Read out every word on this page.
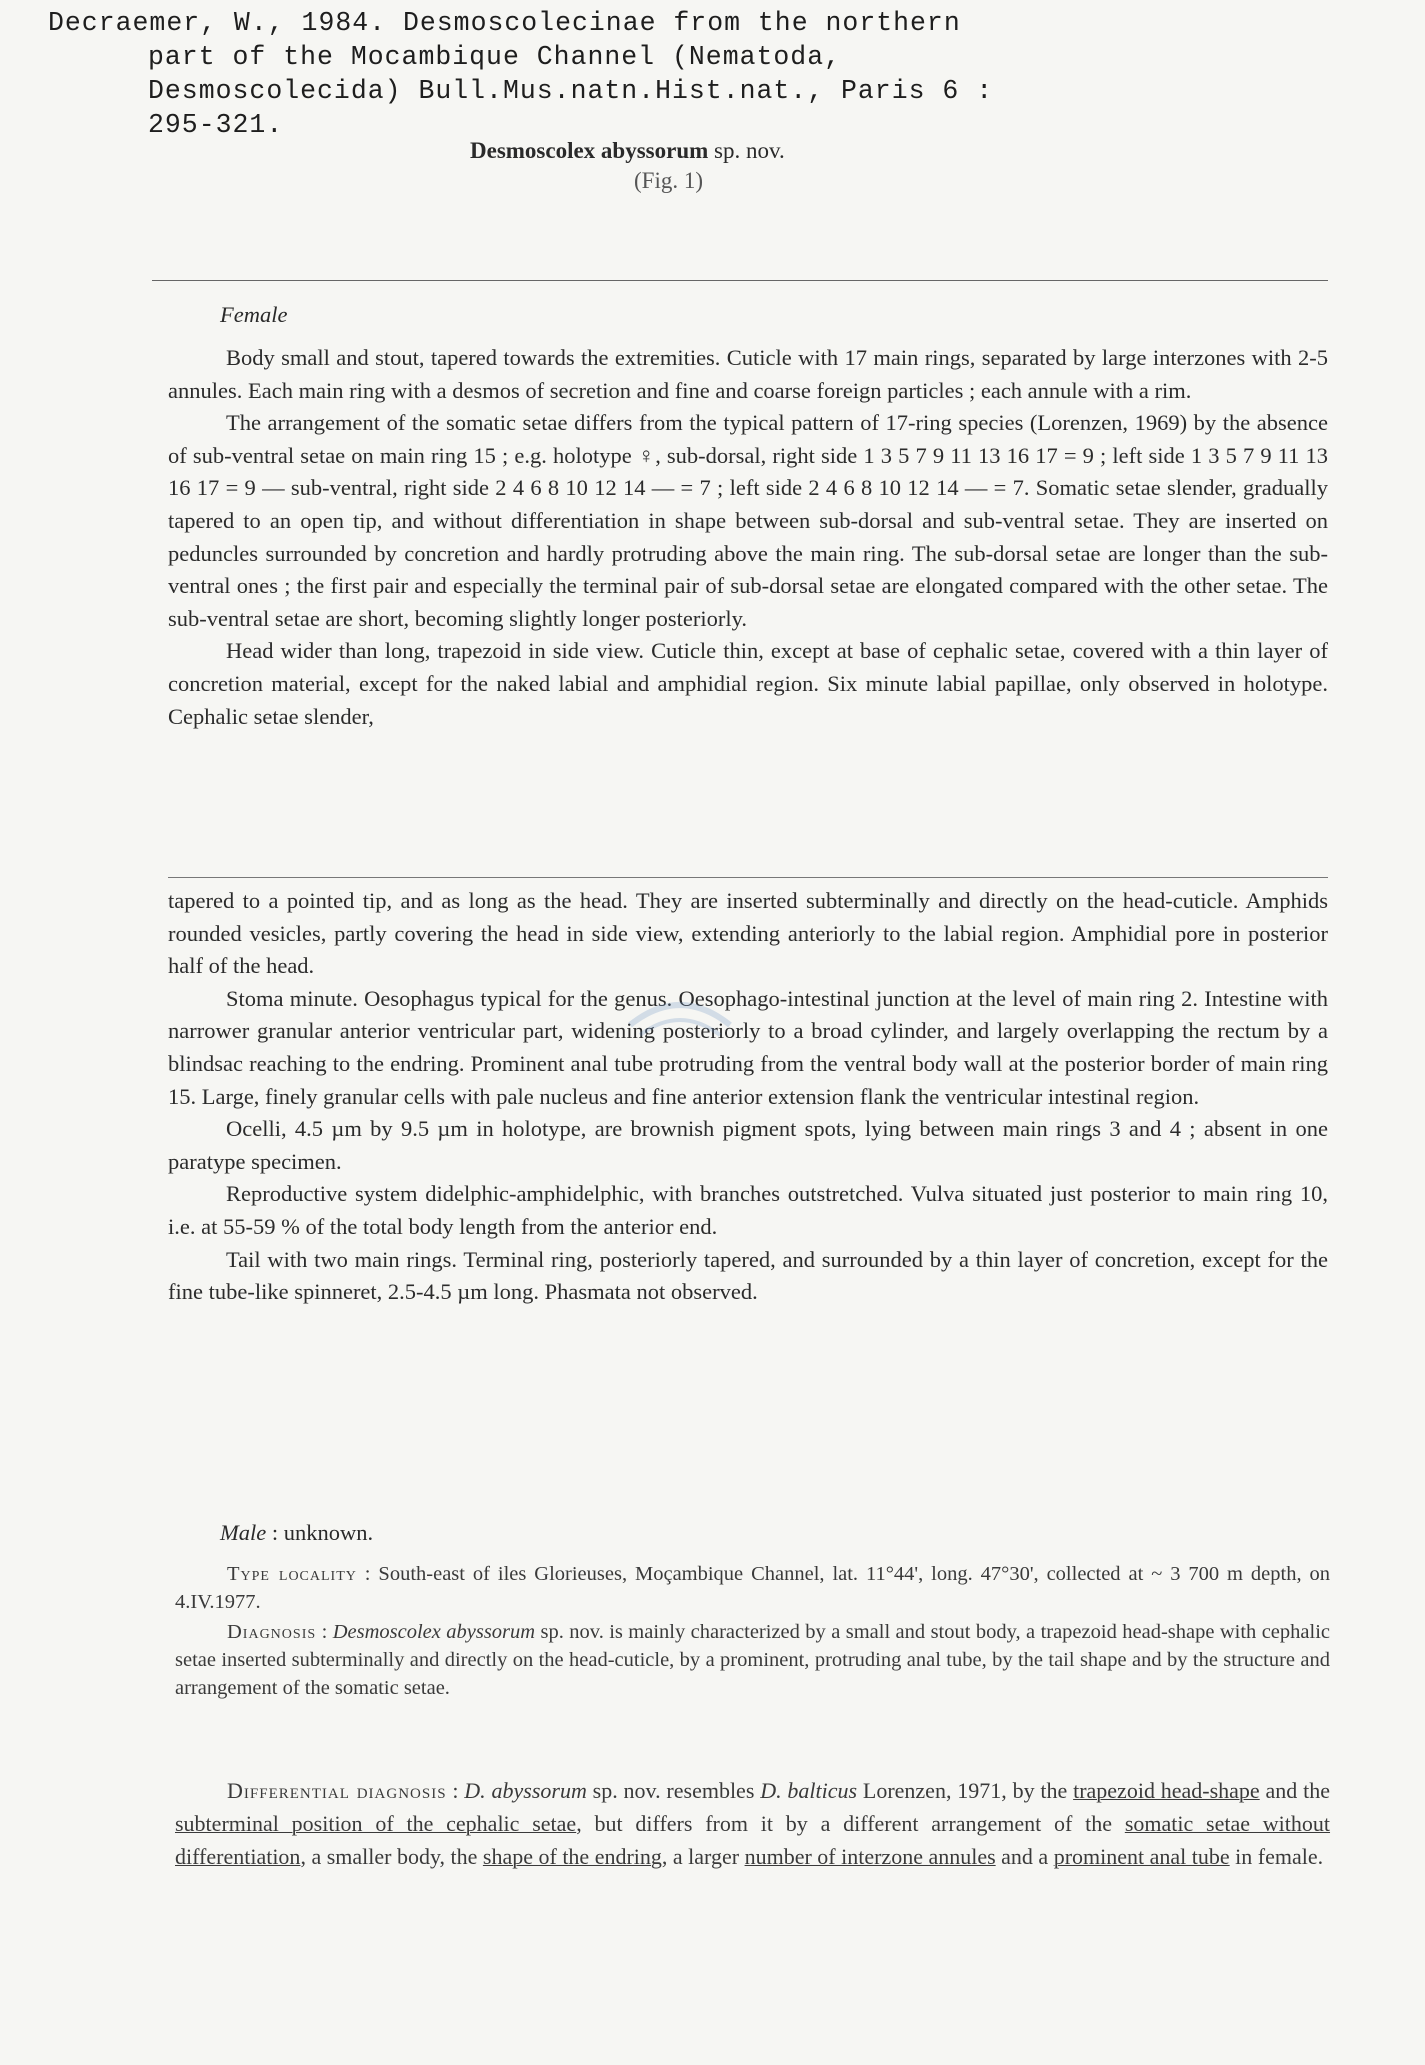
Decraemer, W., 1984. Desmoscolecinae from the northern
part of the Mocambique Channel (Nematoda,
Desmoscolecida) Bull.Mus.natn.Hist.nat., Paris 6 :
295-321.
Desmoscolex abyssorum sp. nov.
(Fig. 1)
Female

Body small and stout, tapered towards the extremities. Cuticle with 17 main rings, separated by large interzones with 2-5 annules. Each main ring with a desmos of secretion and fine and coarse foreign particles ; each annule with a rim.

The arrangement of the somatic setae differs from the typical pattern of 17-ring species (Lorenzen, 1969) by the absence of sub-ventral setae on main ring 15 ; e.g. holotype ♀, sub-dorsal, right side 1 3 5 7 9 11 13 16 17 = 9 ; left side 1 3 5 7 9 11 13 16 17 = 9 — sub-ventral, right side 2 4 6 8 10 12 14 — = 7 ; left side 2 4 6 8 10 12 14 — = 7. Somatic setae slender, gradually tapered to an open tip, and without differentiation in shape between sub-dorsal and sub-ventral setae. They are inserted on peduncles surrounded by concretion and hardly protruding above the main ring. The sub-dorsal setae are longer than the sub-ventral ones ; the first pair and especially the terminal pair of sub-dorsal setae are elongated compared with the other setae. The sub-ventral setae are short, becoming slightly longer posteriorly.

Head wider than long, trapezoid in side view. Cuticle thin, except at base of cephalic setae, covered with a thin layer of concretion material, except for the naked labial and amphidial region. Six minute labial papillae, only observed in holotype. Cephalic setae slender,

tapered to a pointed tip, and as long as the head. They are inserted subterminally and directly on the head-cuticle. Amphids rounded vesicles, partly covering the head in side view, extending anteriorly to the labial region. Amphidial pore in posterior half of the head.

Stoma minute. Oesophagus typical for the genus. Oesophago-intestinal junction at the level of main ring 2. Intestine with narrower granular anterior ventricular part, widening posteriorly to a broad cylinder, and largely overlapping the rectum by a blindsac reaching to the endring. Prominent anal tube protruding from the ventral body wall at the posterior border of main ring 15. Large, finely granular cells with pale nucleus and fine anterior extension flank the ventricular intestinal region.

Ocelli, 4.5 µm by 9.5 µm in holotype, are brownish pigment spots, lying between main rings 3 and 4 ; absent in one paratype specimen.

Reproductive system didelphic-amphidelphic, with branches outstretched. Vulva situated just posterior to main ring 10, i.e. at 55-59 % of the total body length from the anterior end.

Tail with two main rings. Terminal ring, posteriorly tapered, and surrounded by a thin layer of concretion, except for the fine tube-like spinneret, 2.5-4.5 µm long. Phasmata not observed.

Male : unknown.

Type locality : South-east of iles Glorieuses, Moçambique Channel, lat. 11°44', long. 47°30', collected at ~ 3 700 m depth, on 4.IV.1977.

Diagnosis : Desmoscolex abyssorum sp. nov. is mainly characterized by a small and stout body, a trapezoid head-shape with cephalic setae inserted subterminally and directly on the head-cuticle, by a prominent, protruding anal tube, by the tail shape and by the structure and arrangement of the somatic setae.

Differential diagnosis : D. abyssorum sp. nov. resembles D. balticus Lorenzen, 1971, by the trapezoid head-shape and the subterminal position of the cephalic setae, but differs from it by a different arrangement of the somatic setae without differentiation, a smaller body, the shape of the endring, a larger number of interzone annules and a prominent anal tube in female.
